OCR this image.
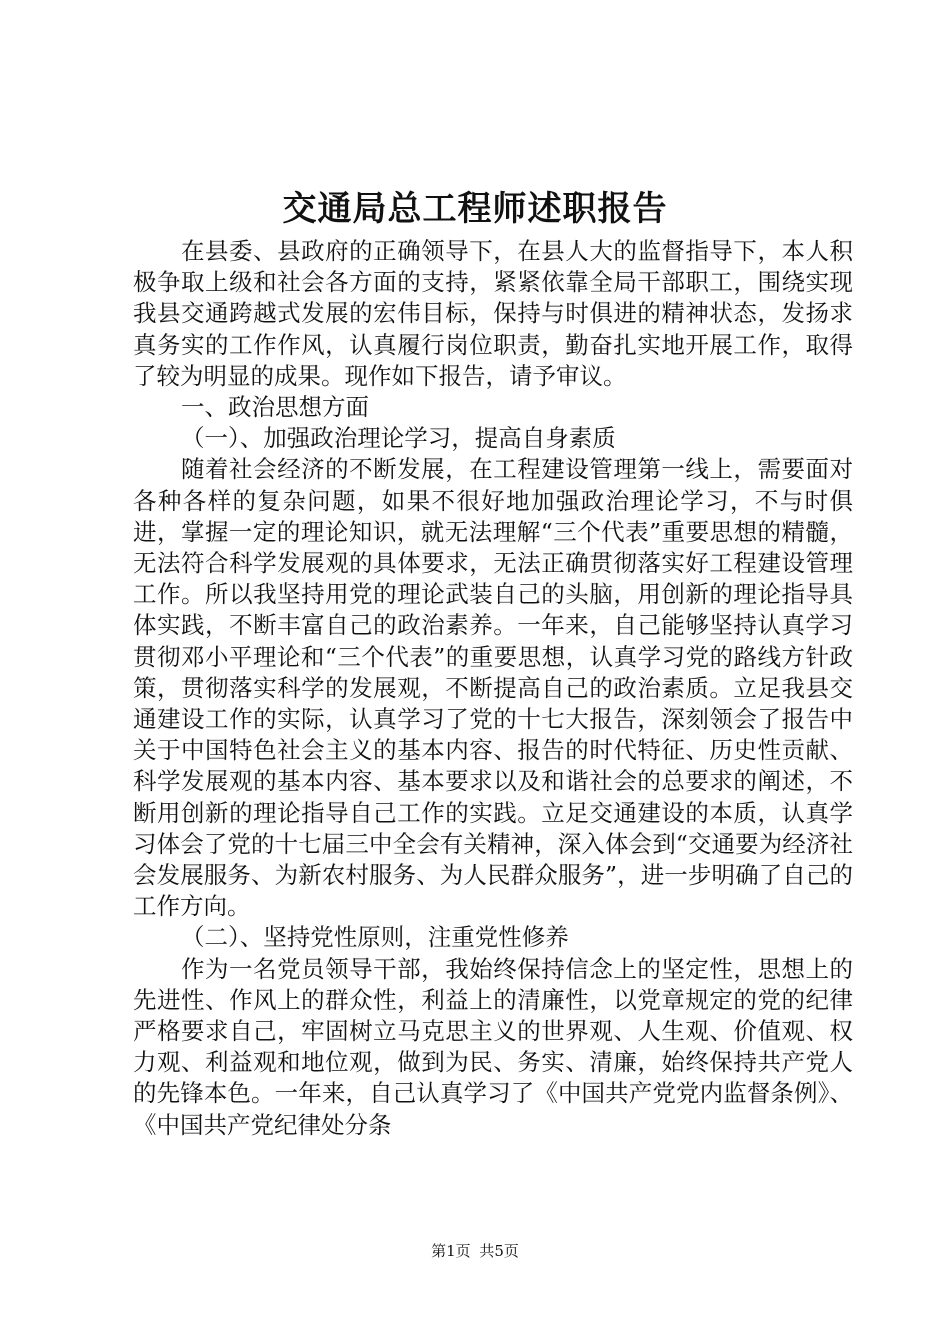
交通局总工程师述职报告

在县委、县政府的正确领导下，在县人大的监督指导下，本人积极争取上级和社会各方面的支持，紧紧依靠全局干部职工，围绕实现我县交通跨越式发展的宏伟目标，保持与时俱进的精神状态，发扬求真务实的工作作风，认真履行岗位职责，勤奋扎实地开展工作，取得了较为明显的成果。现作如下报告，请予审议。

一、政治思想方面

（一）、加强政治理论学习，提高自身素质

随着社会经济的不断发展，在工程建设管理第一线上，需要面对各种各样的复杂问题，如果不很好地加强政治理论学习，不与时俱进，掌握一定的理论知识，就无法理解“三个代表”重要思想的精髓，无法符合科学发展观的具体要求，无法正确贯彻落实好工程建设管理工作。所以我坚持用党的理论武装自己的头脑，用创新的理论指导具体实践，不断丰富自己的政治素养。一年来，自己能够坚持认真学习贯彻邓小平理论和“三个代表”的重要思想，认真学习党的路线方针政策，贯彻落实科学的发展观，不断提高自己的政治素质。立足我县交通建设工作的实际，认真学习了党的十七大报告，深刻领会了报告中关于中国特色社会主义的基本内容、报告的时代特征、历史性贡献、科学发展观的基本内容、基本要求以及和谐社会的总要求的阐述，不断用创新的理论指导自己工作的实践。立足交通建设的本质，认真学习体会了党的十七届三中全会有关精神，深入体会到“交通要为经济社会发展服务、为新农村服务、为人民群众服务”，进一步明确了自己的工作方向。

（二）、坚持党性原则，注重党性修养

作为一名党员领导干部，我始终保持信念上的坚定性，思想上的先进性、作风上的群众性，利益上的清廉性，以党章规定的党的纪律严格要求自己，牢固树立马克思主义的世界观、人生观、价值观、权力观、利益观和地位观，做到为民、务实、清廉，始终保持共产党人的先锋本色。一年来，自己认真学习了《中国共产党党内监督条例》、《中国共产党纪律处分条

第1页 共5页
